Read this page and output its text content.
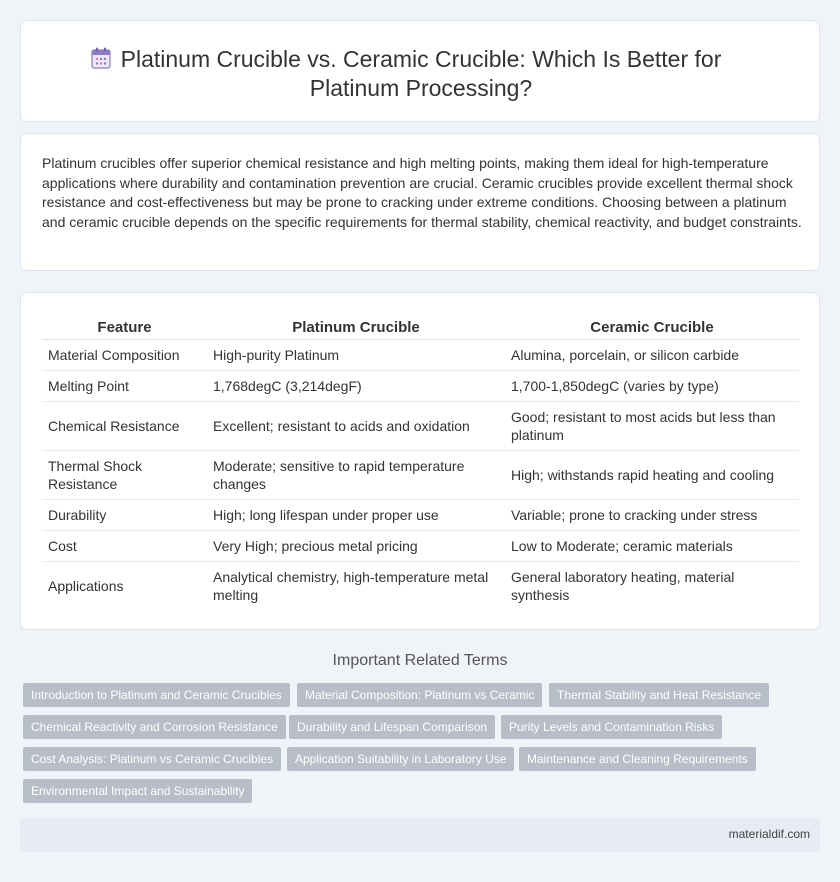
Platinum Crucible vs. Ceramic Crucible: Which Is Better for Platinum Processing?

Platinum crucibles offer superior chemical resistance and high melting points, making them ideal for high-temperature applications where durability and contamination prevention are crucial. Ceramic crucibles provide excellent thermal shock resistance and cost-effectiveness but may be prone to cracking under extreme conditions. Choosing between a platinum and ceramic crucible depends on the specific requirements for thermal stability, chemical reactivity, and budget constraints.

Feature	Platinum Crucible	Ceramic Crucible
Material Composition	High-purity Platinum	Alumina, porcelain, or silicon carbide
Melting Point	1,768degC (3,214degF)	1,700-1,850degC (varies by type)
Chemical Resistance	Excellent; resistant to acids and oxidation	Good; resistant to most acids but less than platinum
Thermal Shock Resistance	Moderate; sensitive to rapid temperature changes	High; withstands rapid heating and cooling
Durability	High; long lifespan under proper use	Variable; prone to cracking under stress
Cost	Very High; precious metal pricing	Low to Moderate; ceramic materials
Applications	Analytical chemistry, high-temperature metal melting	General laboratory heating, material synthesis
Important Related Terms
Introduction to Platinum and Ceramic Crucibles	Material Composition: Platinum vs Ceramic	Thermal Stability and Heat Resistance
Chemical Reactivity and Corrosion Resistance	Durability and Lifespan Comparison	Purity Levels and Contamination Risks
Cost Analysis: Platinum vs Ceramic Crucibles	Application Suitability in Laboratory Use	Maintenance and Cleaning Requirements
Environmental Impact and Sustainability
materialdif.com
